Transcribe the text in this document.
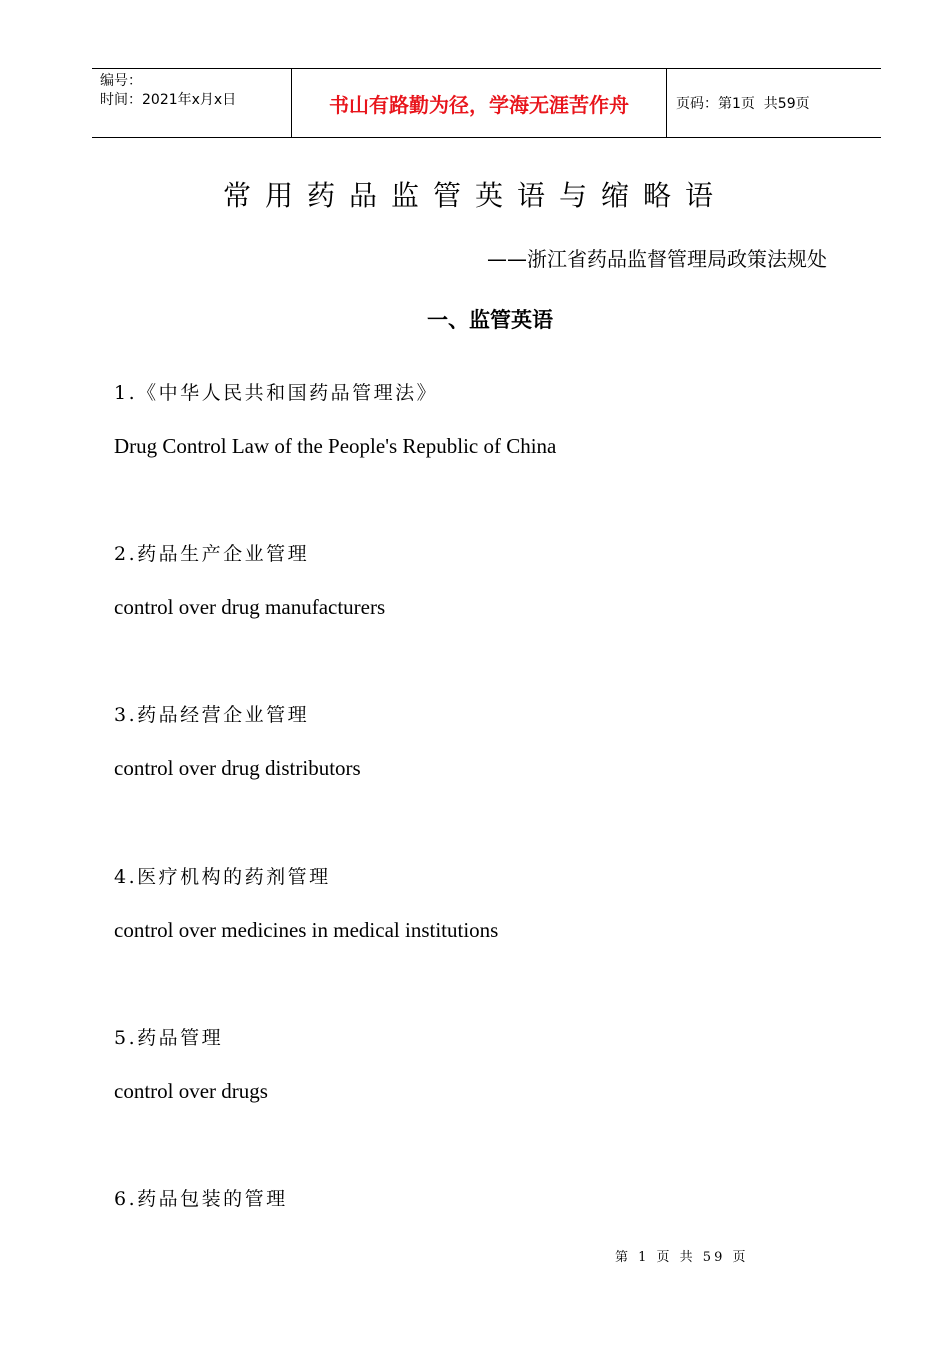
编号：
时间：2021年x月x日	书山有路勤为径，学海无涯苦作舟	页码：第1页  共59页
常用药品监管英语与缩略语
——浙江省药品监督管理局政策法规处
一、监管英语

1.《中华人民共和国药品管理法》

Drug Control Law of the People's Republic of China

2.药品生产企业管理

control over drug manufacturers

3.药品经营企业管理

control over drug distributors

4.医疗机构的药剂管理

control over medicines in medical institutions

5.药品管理

control over drugs

6.药品包装的管理

第 1 页 共 59 页
